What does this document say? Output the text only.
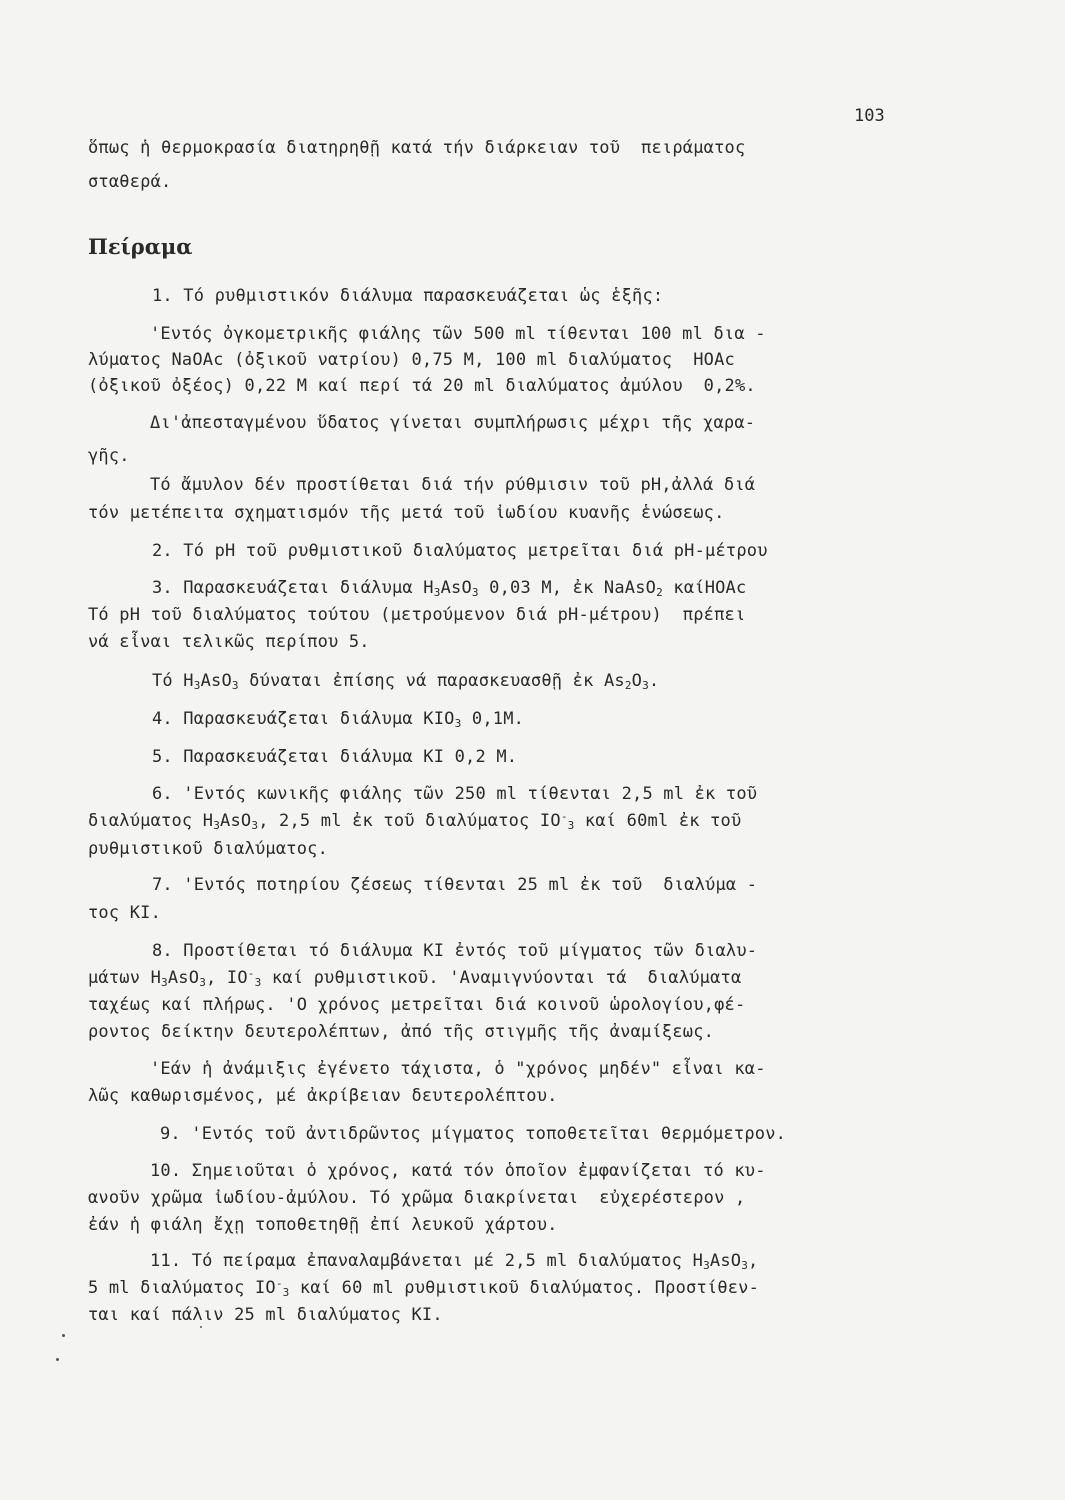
103
ὅπως ἡ θερμοκρασία διατηρηθῇ κατά τήν διάρκειαν τοῦ  πειράματος
σταθερά.
Πείραμα
1. Τό ρυθμιστικόν διάλυμα παρασκευάζεται ὡς ἑξῆς:
'Εντός ὀγκομετρικῆς φιάλης τῶν 500 ml τίθενται 100 ml δια -
λύματος NaOAc (ὀξικοῦ νατρίου) 0,75 M, 100 ml διαλύματος  HOAc
(ὀξικοῦ ὀξέος) 0,22 M καί περί τά 20 ml διαλύματος ἀμύλου  0,2%.
Δι'ἀπεσταγμένου ὕδατος γίνεται συμπλήρωσις μέχρι τῆς χαρα-
γῆς.
Τό ἄμυλον δέν προστίθεται διά τήν ρύθμισιν τοῦ pH,ἀλλά διά
τόν μετέπειτα σχηματισμόν τῆς μετά τοῦ ἰωδίου κυανῆς ἑνώσεως.
2. Τό pH τοῦ ρυθμιστικοῦ διαλύματος μετρεῖται διά pH-μέτρου
3. Παρασκευάζεται διάλυμα $H_3AsO_3$ 0,03 M, ἐκ NaAsO$_2$ καίHOAc
Τό pH τοῦ διαλύματος τούτου (μετρούμενον διά pH-μέτρου)  πρέπει
νά εἶναι τελικῶς περίπου 5.
Τό $H_3AsO_3$ δύναται ἐπίσης νά παρασκευασθῇ ἐκ $As_2O_3$.
4. Παρασκευάζεται διάλυμα $KIO_3$ 0,1M.
5. Παρασκευάζεται διάλυμα KI 0,2 M.
6. 'Εντός κωνικῆς φιάλης τῶν 250 ml τίθενται 2,5 ml ἐκ τοῦ
διαλύματος $H_3AsO_3$, 2,5 ml ἐκ τοῦ διαλύματος $IO^-_3$ καί 60ml ἐκ τοῦ
ρυθμιστικοῦ διαλύματος.
7. 'Εντός ποτηρίου ζέσεως τίθενται 25 ml ἐκ τοῦ  διαλύμα -
τος KI.
8. Προστίθεται τό διάλυμα KI ἐντός τοῦ μίγματος τῶν διαλυ-
μάτων $H_3AsO_3$, $IO^-_3$ καί ρυθμιστικοῦ. 'Αναμιγνύονται τά  διαλύματα
ταχέως καί πλήρως. 'Ο χρόνος μετρεῖται διά κοινοῦ ὡρολογίου,φέ-
ροντος δείκτην δευτερολέπτων, ἀπό τῆς στιγμῆς τῆς ἀναμίξεως.
'Εάν ἡ ἀνάμιξις ἐγένετο τάχιστα, ὁ "χρόνος μηδέν" εἶναι κα-
λῶς καθωρισμένος, μέ ἀκρίβειαν δευτερολέπτου.
9. 'Εντός τοῦ ἀντιδρῶντος μίγματος τοποθετεῖται θερμόμετρον.
10. Σημειοῦται ὁ χρόνος, κατά τόν ὁποῖον ἐμφανίζεται τό κυ-
ανοῦν χρῶμα ἰωδίου-ἀμύλου. Τό χρῶμα διακρίνεται  εὐχερέστερον ,
ἐάν ἡ φιάλη ἔχῃ τοποθετηθῇ ἐπί λευκοῦ χάρτου.
11. Τό πείραμα ἐπαναλαμβάνεται μέ 2,5 ml διαλύματος $H_3AsO_3$,
5 ml διαλύματος $IO^-_3$ καί 60 ml ρυθμιστικοῦ διαλύματος. Προστίθεν-
ται καί πάλιν 25 ml διαλύματος KI.
